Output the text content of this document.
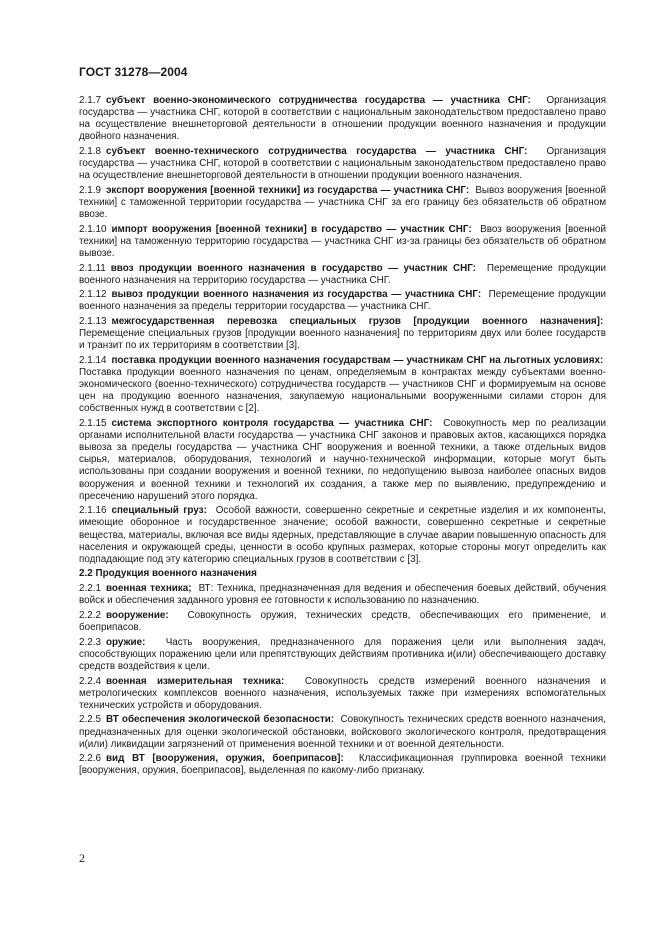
ГОСТ 31278—2004
2.1.7 субъект военно-экономического сотрудничества государства — участника СНГ: Организация государства — участника СНГ, которой в соответствии с национальным законодательством предоставлено право на осуществление внешнеторговой деятельности в отношении продукции военного назначения и продукции двойного назначения.
2.1.8 субъект военно-технического сотрудничества государства — участника СНГ: Организация государства — участника СНГ, которой в соответствии с национальным законодательством предоставлено право на осуществление внешнеторговой деятельности в отношении продукции военного назначения.
2.1.9 экспорт вооружения [военной техники] из государства — участника СНГ: Вывоз вооружения [военной техники] с таможенной территории государства — участника СНГ за его границу без обязательств об обратном ввозе.
2.1.10 импорт вооружения [военной техники] в государство — участник СНГ: Ввоз вооружения [военной техники] на таможенную территорию государства — участника СНГ из-за границы без обязательств об обратном вывозе.
2.1.11 ввоз продукции военного назначения в государство — участник СНГ: Перемещение продукции военного назначения на территорию государства — участника СНГ.
2.1.12 вывоз продукции военного назначения из государства — участника СНГ: Перемещение продукции военного назначения за пределы территории государства — участника СНГ.
2.1.13 межгосударственная перевозка специальных грузов [продукции военного назначения]:  Перемещение специальных грузов [продукции военного назначения] по территориям двух или более государств и транзит по их территориям в соответствии [3].
2.1.14 поставка продукции военного назначения государствам — участникам СНГ на льготных условиях:  Поставка продукции военного назначения по ценам, определяемым в контрактах между субъектами военно-экономического (военно-технического) сотрудничества государств — участников СНГ и формируемым на основе цен на продукцию военного назначения, закупаемую национальными вооруженными силами сторон для собственных нужд в соответствии с [2].
2.1.15 система экспортного контроля государства — участника СНГ: Совокупность мер по реализации органами исполнительной власти государства — участника СНГ законов и правовых актов, касающихся порядка вывоза за пределы государства — участника СНГ вооружения и военной техники, а также отдельных видов сырья, материалов, оборудования, технологий и научно-технической информации, которые могут быть использованы при создании вооружения и военной техники, по недопущению вывоза наиболее опасных видов вооружения и военной техники и технологий их создания, а также мер по выявлению, предупреждению и пресечению нарушений этого порядка.
2.1.16 специальный груз: Особой важности, совершенно секретные и секретные изделия и их компоненты, имеющие оборонное и государственное значение; особой важности, совершенно секретные и секретные вещества, материалы, включая все виды ядерных, представляющие в случае аварии повышенную опасность для населения и окружающей среды, ценности в особо крупных размерах, которые стороны могут определить как подпадающие под эту категорию специальных грузов в соответствии с [3].
2.2 Продукция военного назначения
2.2.1 военная техника; ВТ: Техника, предназначенная для ведения и обеспечения боевых действий, обучения войск и обеспечения заданного уровня ее готовности к использованию по назначению.
2.2.2 вооружение: Совокупность оружия, технических средств, обеспечивающих его применение, и боеприпасов.
2.2.3 оружие: Часть вооружения, предназначенного для поражения цели или выполнения задач, способствующих поражению цели или препятствующих действиям противника и(или) обеспечивающего доставку средств воздействия к цели.
2.2.4 военная измерительная техника: Совокупность средств измерений военного назначения и метрологических комплексов военного назначения, используемых также при измерениях вспомогательных технических устройств и оборудования.
2.2.5 ВТ обеспечения экологической безопасности: Совокупность технических средств военного назначения, предназначенных для оценки экологической обстановки, войскового экологического контроля, предотвращения и(или) ликвидации загрязнений от применения военной техники и от военной деятельности.
2.2.6 вид ВТ [вооружения, оружия, боеприпасов]: Классификационная группировка военной техники [вооружения, оружия, боеприпасов], выделенная по какому-либо признаку.
2
